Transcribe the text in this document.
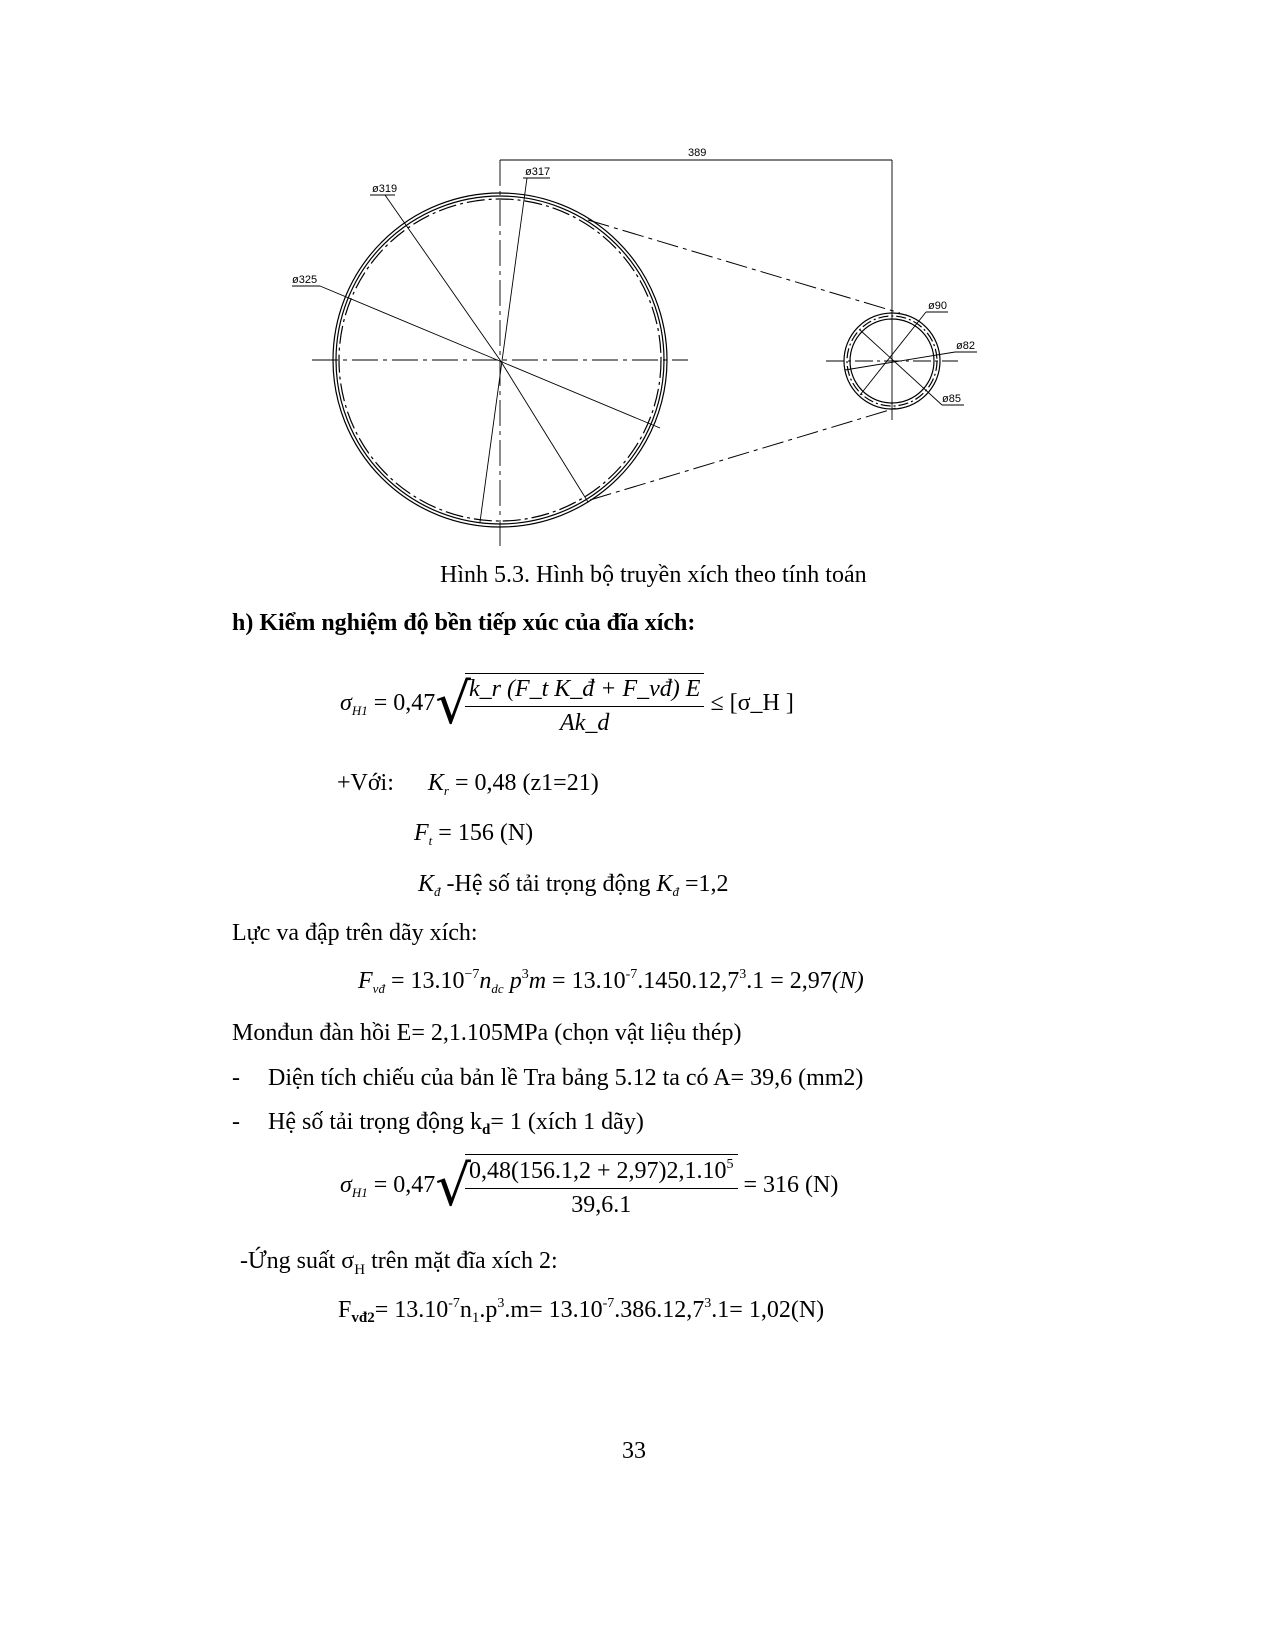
389
ø319
ø317
ø325
ø90
ø82
ø85
Hình 5.3. Hình bộ truyền xích theo tính toán
h) Kiểm nghiệm độ bền tiếp xúc của đĩa xích:
$\sigma_{H1} = 0,47√$
$\frac{\text{k\_r (F\_t K\_đ + F\_vđ) E}}{Ak\_d}$ ≤ [σ_H ]
+Với: $K_r = 0,48$ (z1=21)
$F_t = 156$ (N)
$K_đ$ -Hệ số tải trọng động $K_đ =1,2$
Lực va đập trên dãy xích:
$F_{vđ} = 13.10^{-7}n_{dc}$ $p^3m = 13.10^{-7}.1450.12,7^3.1 = 2,97(N)$
Monđun đàn hồi E= 2,1.105MPa (chọn vật liệu thép)
- Diện tích chiếu của bản lề Tra bảng 5.12 ta có A= 39,6 (mm2)
- Hệ số tải trọng động $k_d= 1$ (xích 1 dãy)
$\sigma_{H1} = 0,47√$
$\frac{0,48(156.1,2 + 2,97)2,1.10^5}{39,6.1} = 316$ (N)
-Ứng suất $\sigma_H$ trên mặt đĩa xích 2:
$F_{vđ2}= 13.10^{-7}n_1.p^3.m= 13.10^{-7}.386.12,7^3.1= 1,02(N)$
33
